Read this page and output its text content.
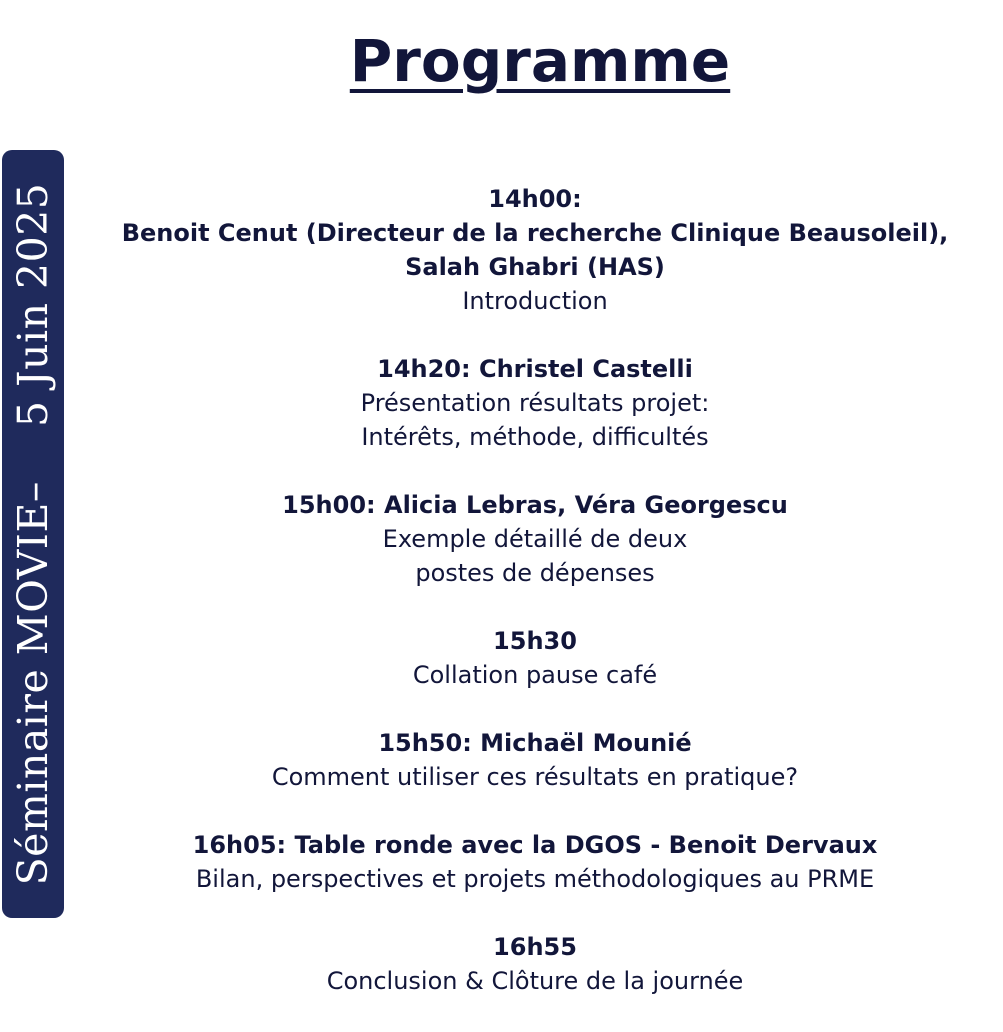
Programme
Séminaire MOVIE–    5 Juin 2025	14h00:
Benoit Cenut (Directeur de la recherche Clinique Beausoleil),
Salah Ghabri (HAS)
Introduction
14h20: Christel Castelli
Présentation résultats projet:
Intérêts, méthode, difficultés
15h00: Alicia Lebras, Véra Georgescu
Exemple détaillé de deux
postes de dépenses
15h30
Collation pause café
15h50: Michaël Mounié
Comment utiliser ces résultats en pratique?
16h05: Table ronde avec la DGOS - Benoit Dervaux
Bilan, perspectives et projets méthodologiques au PRME
16h55
Conclusion & Clôture de la journée
